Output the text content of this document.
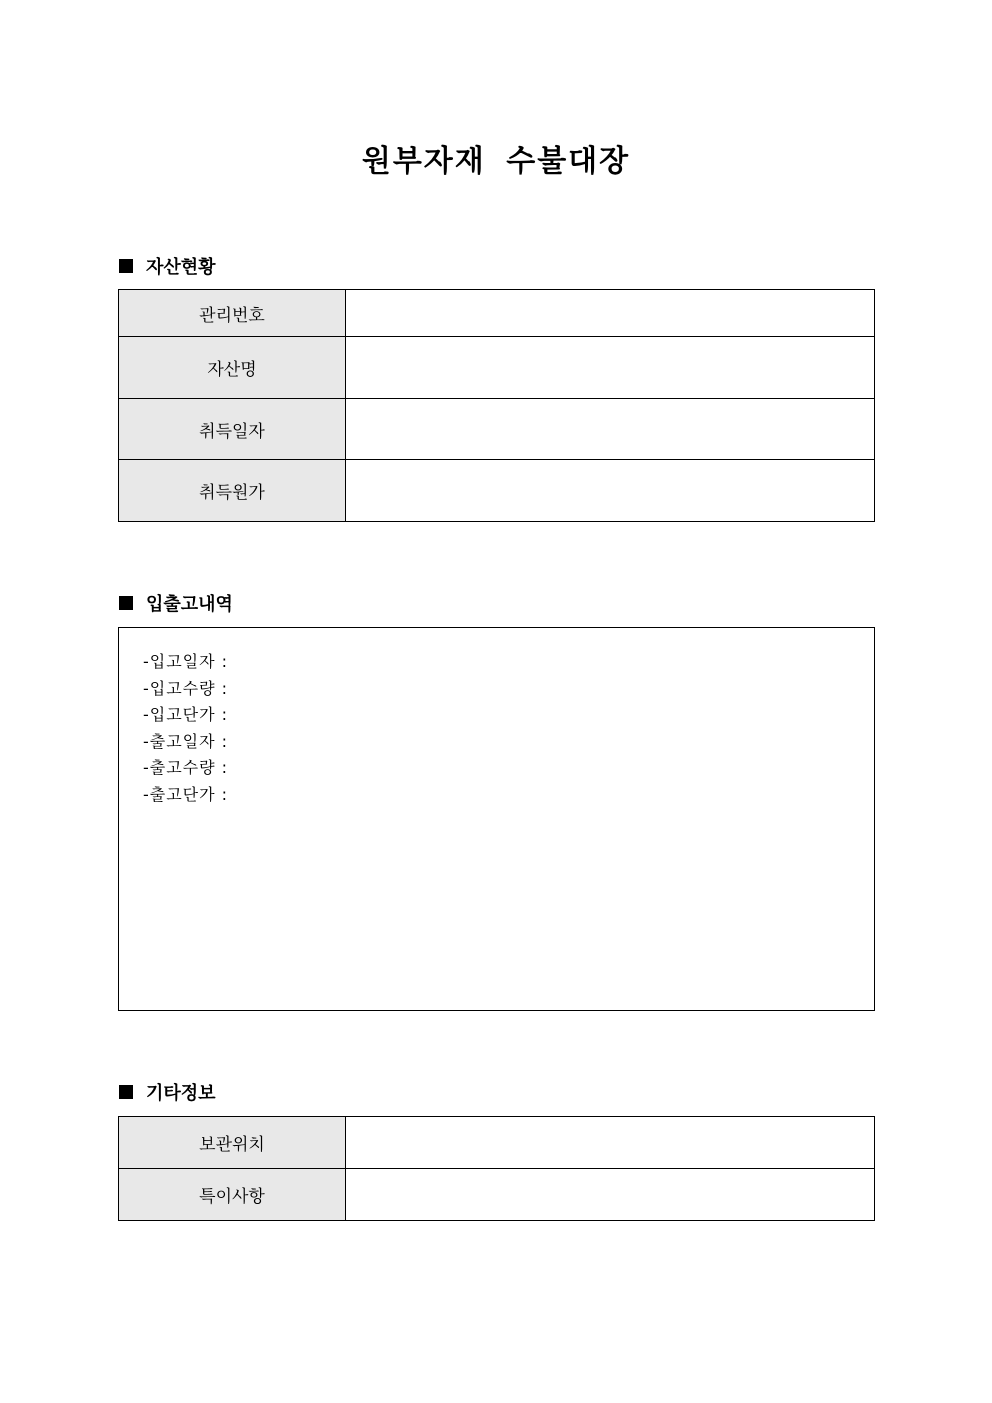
원부자재 수불대장
자산현황
관리번호	
자산명	
취득일자	
취득원가	
입출고내역
-입고일자 :
-입고수량 :
-입고단가 :
-출고일자 :
-출고수량 :
-출고단가 :
기타정보
보관위치	
특이사항	
